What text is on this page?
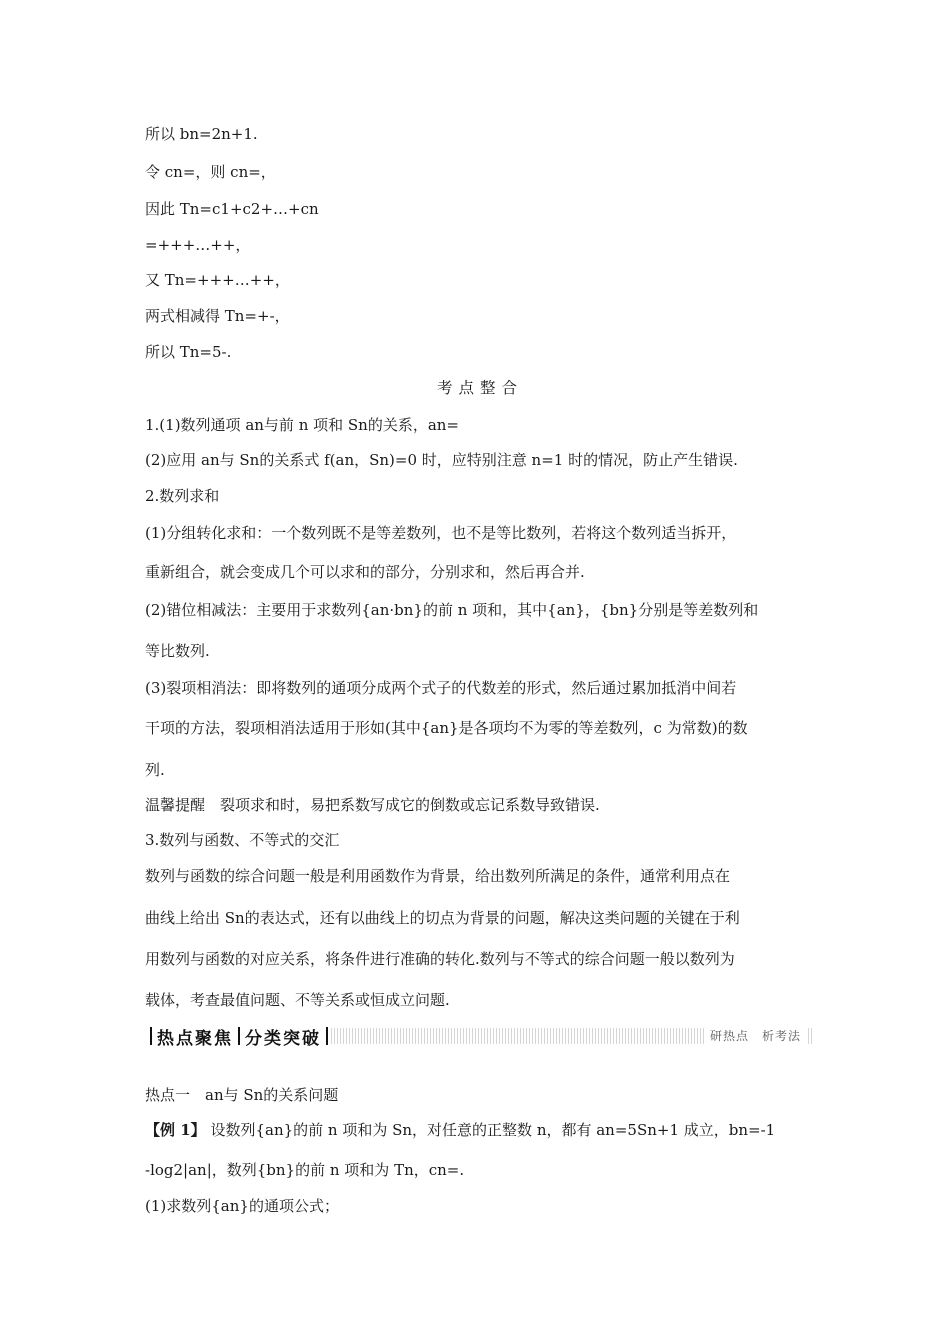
所以 bn=2n+1.
令 cn=，则 cn=，
因此 Tn=c1+c2+…+cn
=+++…++，
又 Tn=+++…++，
两式相减得 Tn=+-，
所以 Tn=5-.
考点整合
1.(1)数列通项 an与前 n 项和 Sn的关系，an=
(2)应用 an与 Sn的关系式 f(an，Sn)=0 时，应特别注意 n=1 时的情况，防止产生错误.
2.数列求和
(1)分组转化求和：一个数列既不是等差数列，也不是等比数列，若将这个数列适当拆开，
重新组合，就会变成几个可以求和的部分，分别求和，然后再合并.
(2)错位相减法：主要用于求数列{an·bn}的前 n 项和，其中{an}，{bn}分别是等差数列和
等比数列.
(3)裂项相消法：即将数列的通项分成两个式子的代数差的形式，然后通过累加抵消中间若
干项的方法，裂项相消法适用于形如(其中{an}是各项均不为零的等差数列，c 为常数)的数
列.
温馨提醒　裂项求和时，易把系数写成它的倒数或忘记系数导致错误.
3.数列与函数、不等式的交汇
数列与函数的综合问题一般是利用函数作为背景，给出数列所满足的条件，通常利用点在
曲线上给出 Sn的表达式，还有以曲线上的切点为背景的问题，解决这类问题的关键在于利
用数列与函数的对应关系，将条件进行准确的转化.数列与不等式的综合问题一般以数列为
载体，考查最值问题、不等关系或恒成立问题.
热点聚焦 分类突破	研热点　析考法
热点一　an与 Sn的关系问题
【例 1】 设数列{an}的前 n 项和为 Sn，对任意的正整数 n，都有 an=5Sn+1 成立，bn=-1
-log2|an|，数列{bn}的前 n 项和为 Tn，cn=.
(1)求数列{an}的通项公式；
